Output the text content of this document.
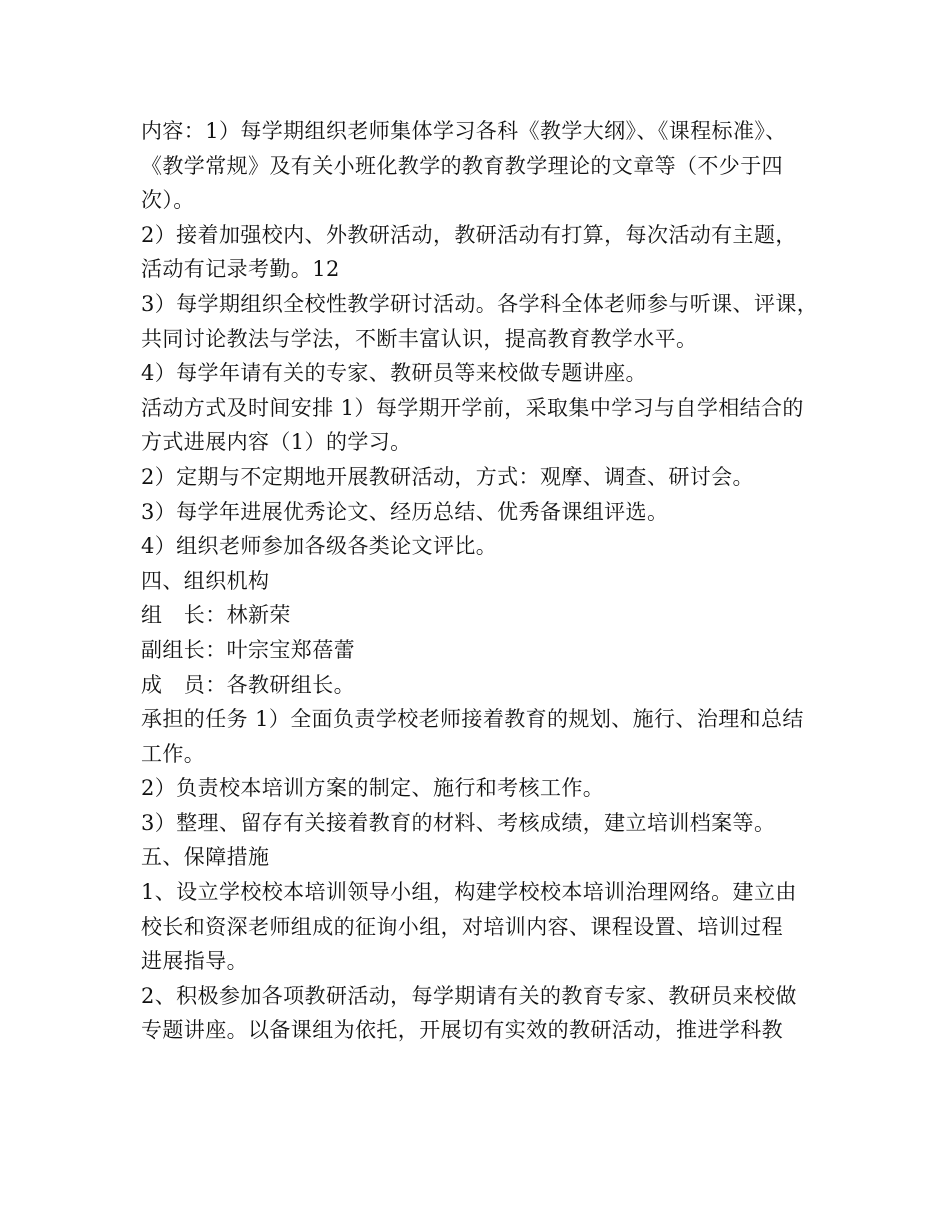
内容：1）每学期组织老师集体学习各科《教学大纲》、《课程标准》、
《教学常规》及有关小班化教学的教育教学理论的文章等（不少于四
次）。
2）接着加强校内、外教研活动，教研活动有打算，每次活动有主题，
活动有记录考勤。12
3）每学期组织全校性教学研讨活动。各学科全体老师参与听课、评课，
共同讨论教法与学法，不断丰富认识，提高教育教学水平。
4）每学年请有关的专家、教研员等来校做专题讲座。
活动方式及时间安排 1）每学期开学前，采取集中学习与自学相结合的
方式进展内容（1）的学习。
2）定期与不定期地开展教研活动，方式：观摩、调查、研讨会。
3）每学年进展优秀论文、经历总结、优秀备课组评选。
4）组织老师参加各级各类论文评比。
四、组织机构
组　长：林新荣
副组长：叶宗宝郑蓓蕾
成　员：各教研组长。
承担的任务 1）全面负责学校老师接着教育的规划、施行、治理和总结
工作。
2）负责校本培训方案的制定、施行和考核工作。
3）整理、留存有关接着教育的材料、考核成绩，建立培训档案等。
五、保障措施
1、设立学校校本培训领导小组，构建学校校本培训治理网络。建立由
校长和资深老师组成的征询小组，对培训内容、课程设置、培训过程
进展指导。
2、积极参加各项教研活动，每学期请有关的教育专家、教研员来校做
专题讲座。以备课组为依托，开展切有实效的教研活动，推进学科教
